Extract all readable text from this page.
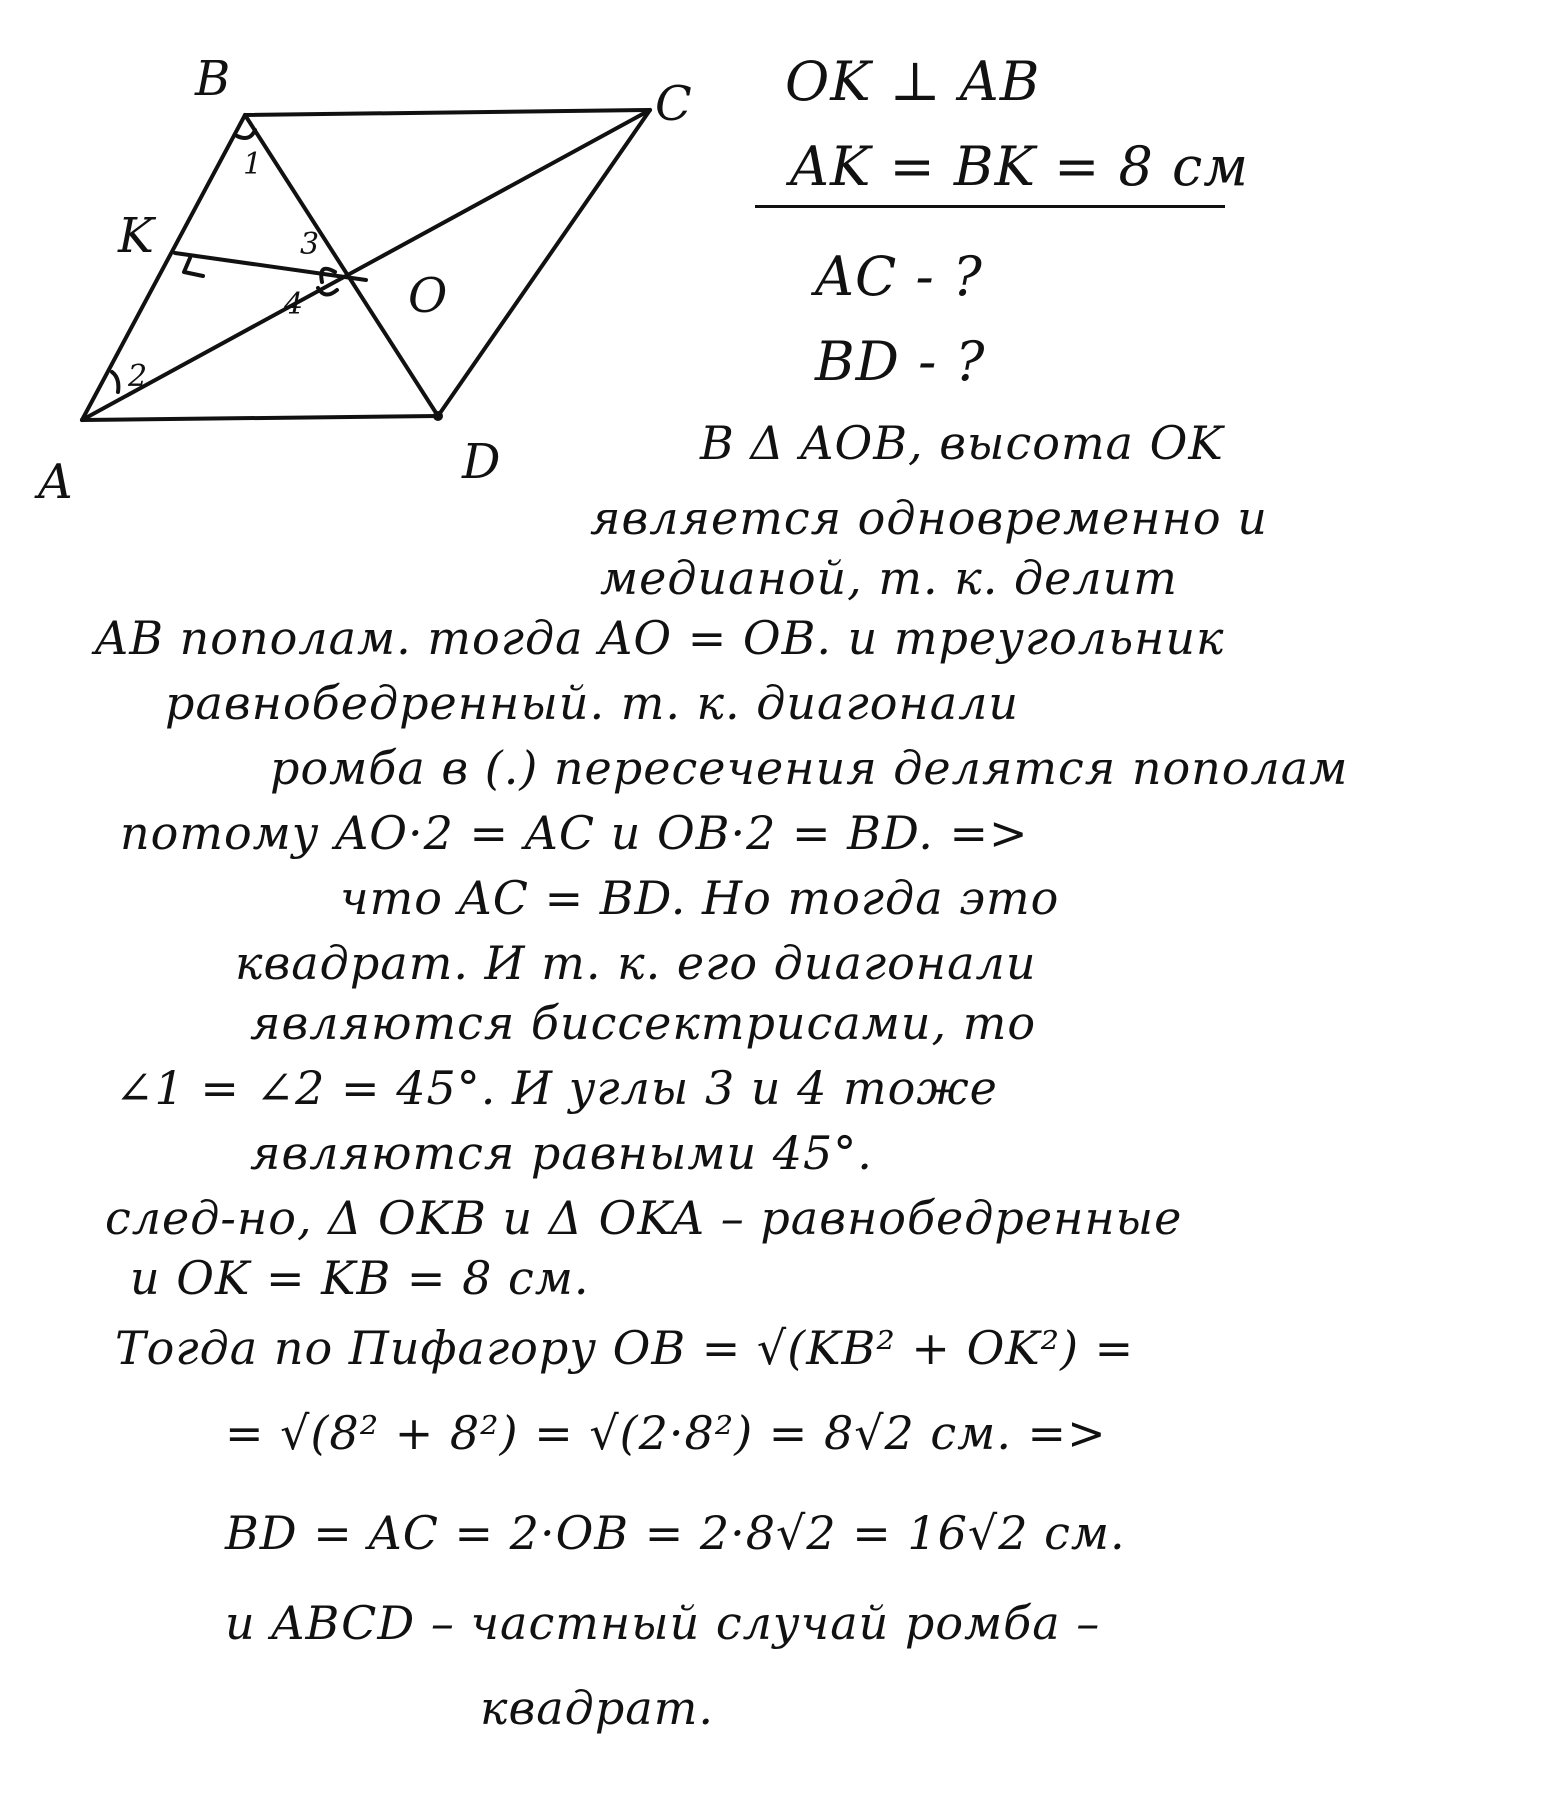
B	C
K
O
A	D
1
2
3
4
OK ⊥ AB
AK = BK = 8 см
AC - ?
BD - ?
В Δ AOB, высота OK
является одновременно и
медианой, т. к. делит
AB пополам. тогда AO = OB. и треугольник
равнобедренный. т. к. диагонали
ромба в (.) пересечения делятся пополам
потому AO·2 = AC и OB·2 = BD. =>
что AC = BD. Но тогда это
квадрат. И т. к. его диагонали
являются биссектрисами, то
∠1 = ∠2 = 45°. И углы 3 и 4 тоже
являются равными 45°.
след-но, Δ OKB и Δ OKA – равнобедренные
и OK = KB = 8 см.
Тогда по Пифагору OB = √(KB² + OK²) =
= √(8² + 8²) = √(2·8²) = 8√2 см. =>
BD = AC = 2·OB = 2·8√2 = 16√2 см.
и ABCD – частный случай ромба –
квадрат.
